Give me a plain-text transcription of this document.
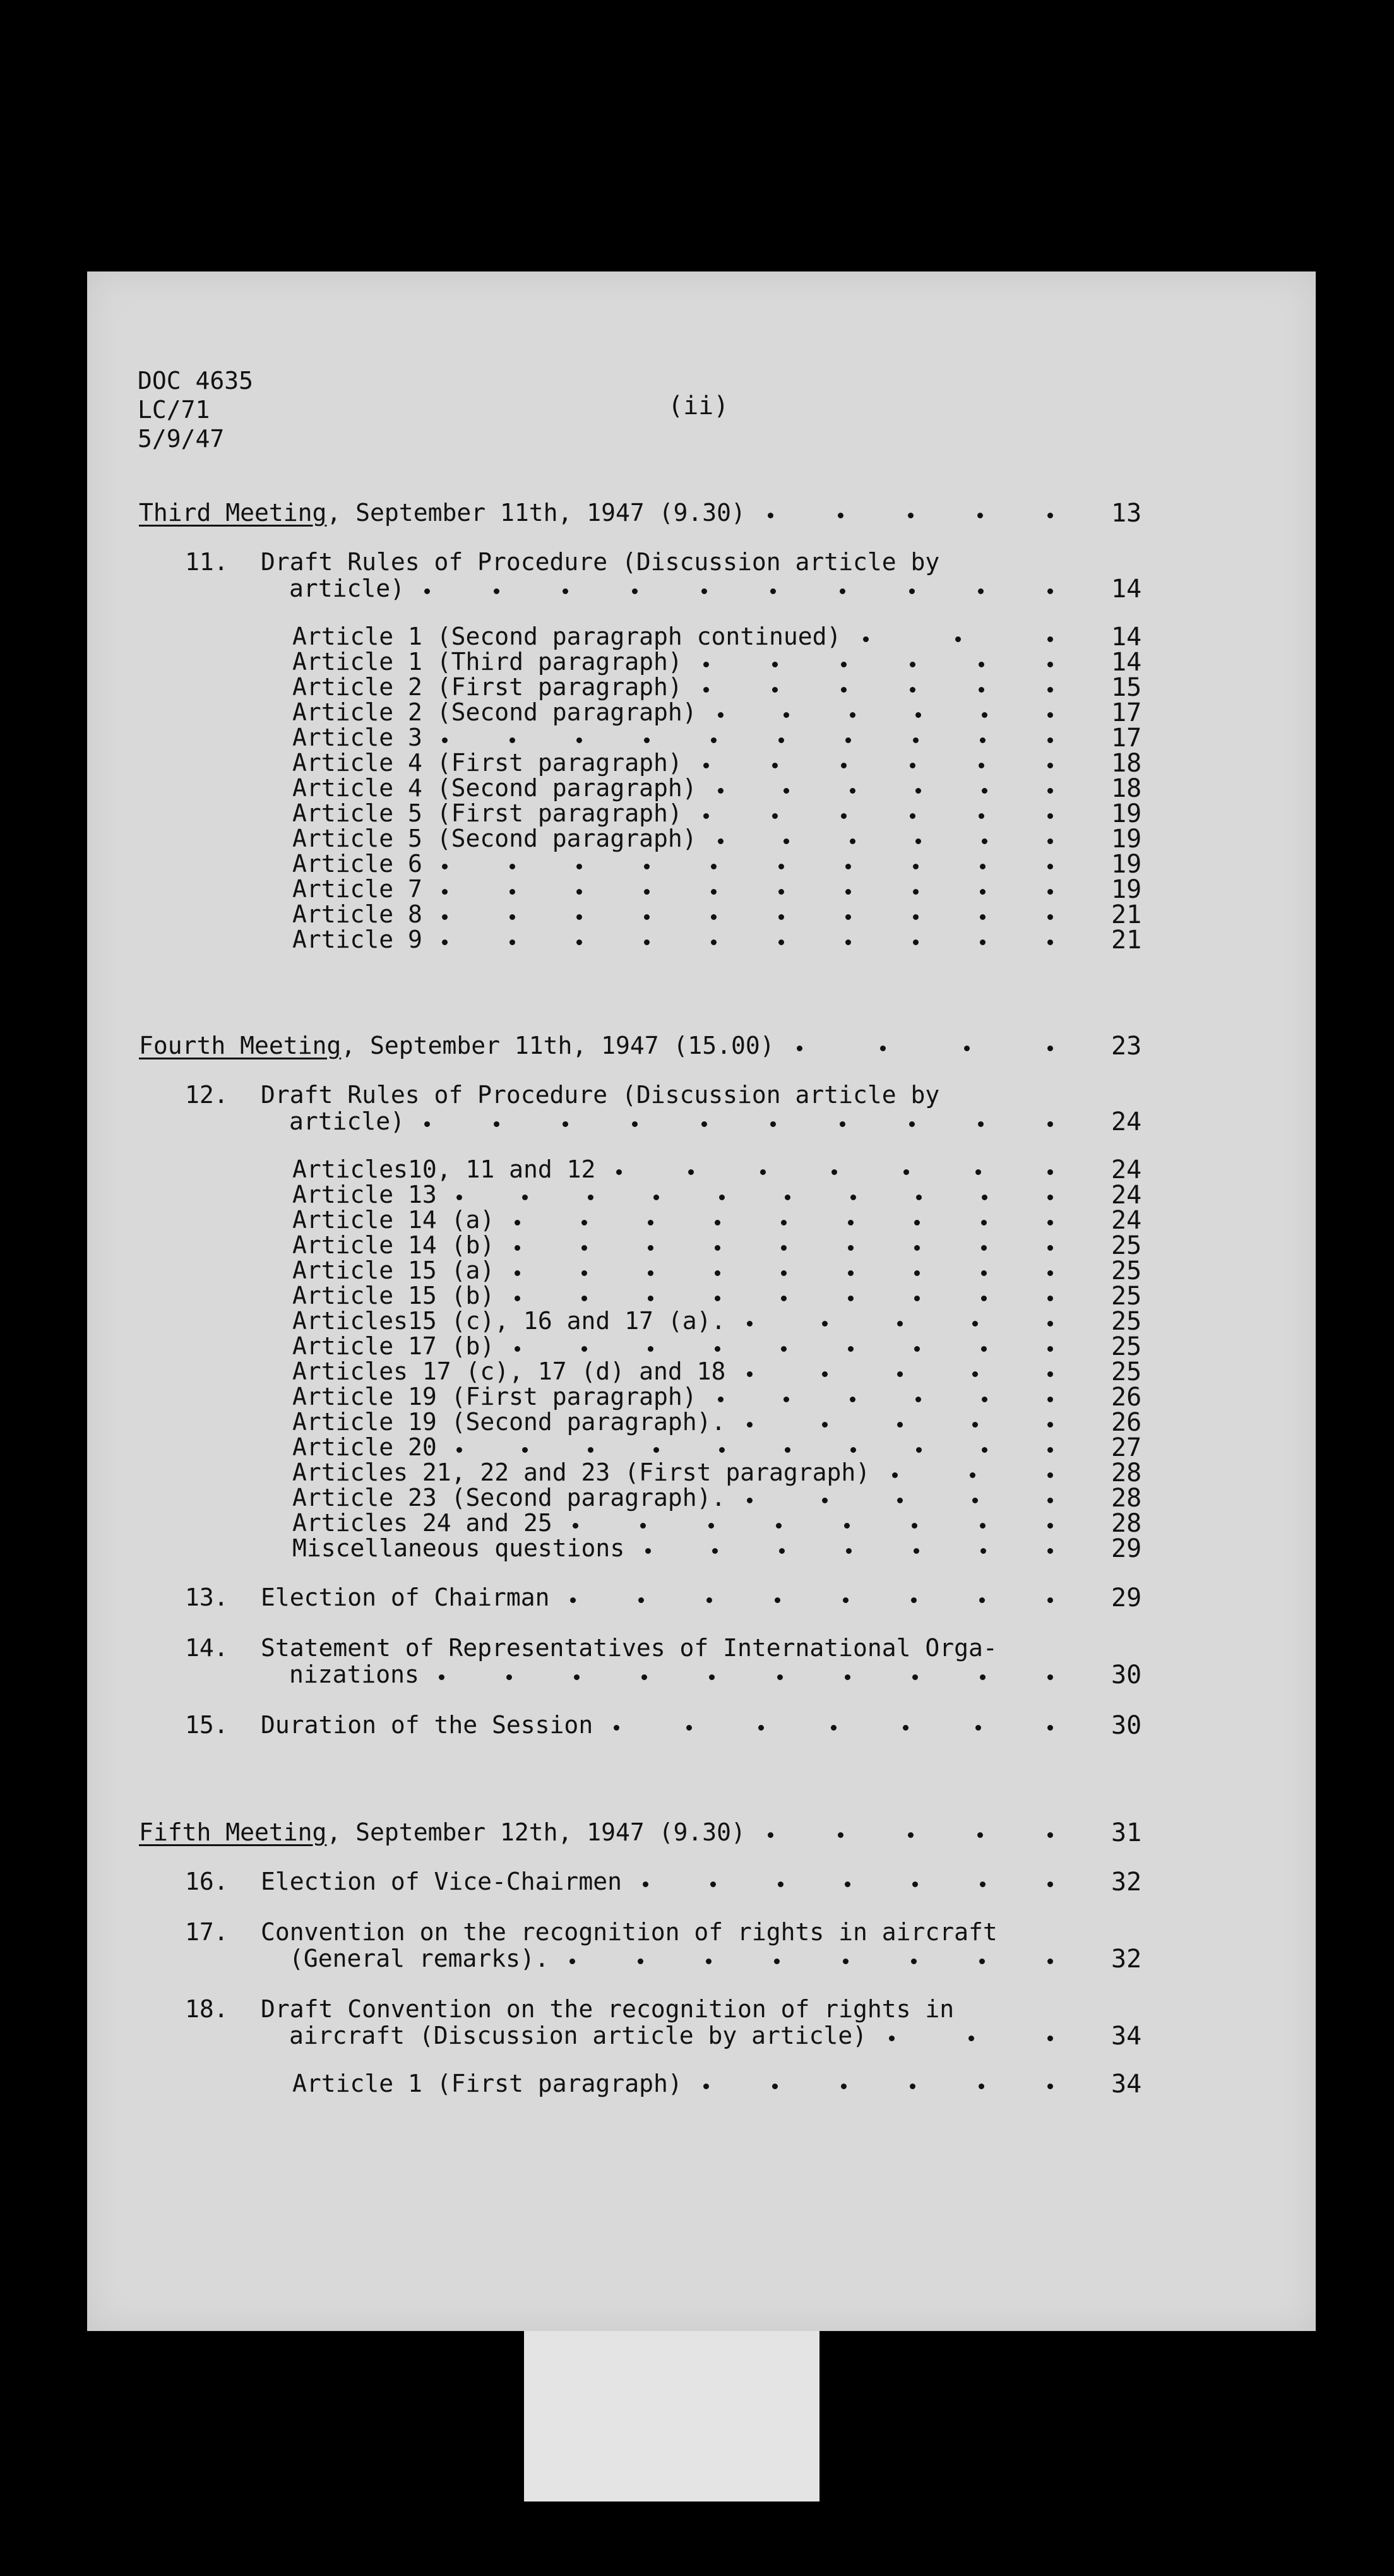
DOC 4635
LC/71
5/9/47
(ii)
Third Meeting, September 11th, 1947 (9.30)	13
11. Draft Rules of Procedure (Discussion article by
article)	14
Article 1 (Second paragraph continued)	14
Article 1 (Third paragraph)	14
Article 2 (First paragraph)	15
Article 2 (Second paragraph)	17
Article 3	17
Article 4 (First paragraph)	18
Article 4 (Second paragraph)	18
Article 5 (First paragraph)	19
Article 5 (Second paragraph)	19
Article 6	19
Article 7	19
Article 8	21
Article 9	21
Fourth Meeting, September 11th, 1947 (15.00)	23
12. Draft Rules of Procedure (Discussion article by
article)	24
Articles10, 11 and 12	24
Article 13	24
Article 14 (a)	24
Article 14 (b)	25
Article 15 (a)	25
Article 15 (b)	25
Articles15 (c), 16 and 17 (a).	25
Article 17 (b)	25
Articles 17 (c), 17 (d) and 18	25
Article 19 (First paragraph)	26
Article 19 (Second paragraph).	26
Article 20	27
Articles 21, 22 and 23 (First paragraph)	28
Article 23 (Second paragraph).	28
Articles 24 and 25	28
Miscellaneous questions	29
13. Election of Chairman	29
14. Statement of Representatives of International Orga-
nizations	30
15. Duration of the Session	30
Fifth Meeting, September 12th, 1947 (9.30)	31
16. Election of Vice-Chairmen	32
17. Convention on the recognition of rights in aircraft
(General remarks).	32
18. Draft Convention on the recognition of rights in
aircraft (Discussion article by article)	34
Article 1 (First paragraph)	34
